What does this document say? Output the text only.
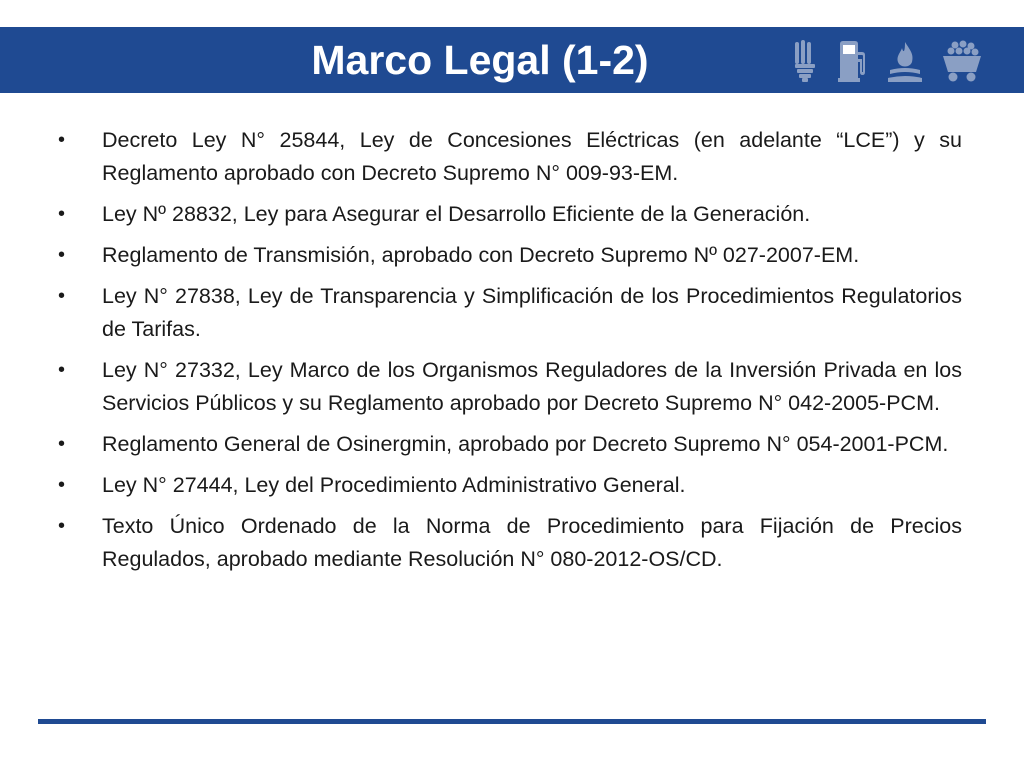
Marco Legal (1-2)
• Decreto Ley N° 25844, Ley de Concesiones Eléctricas (en adelante “LCE”) y su Reglamento aprobado con Decreto Supremo N° 009-93-EM.
• Ley Nº 28832, Ley para Asegurar el Desarrollo Eficiente de la Generación.
• Reglamento de Transmisión, aprobado con Decreto Supremo Nº 027-2007-EM.
• Ley N° 27838, Ley de Transparencia y Simplificación de los Procedimientos Regulatorios de Tarifas.
• Ley N° 27332, Ley Marco de los Organismos Reguladores de la Inversión Privada en los Servicios Públicos y su Reglamento aprobado por Decreto Supremo N° 042-2005-PCM.
• Reglamento General de Osinergmin, aprobado por Decreto Supremo N° 054-2001-PCM.
• Ley N° 27444, Ley del Procedimiento Administrativo General.
• Texto Único Ordenado de la Norma de Procedimiento para Fijación de Precios Regulados, aprobado mediante Resolución N° 080-2012-OS/CD.
